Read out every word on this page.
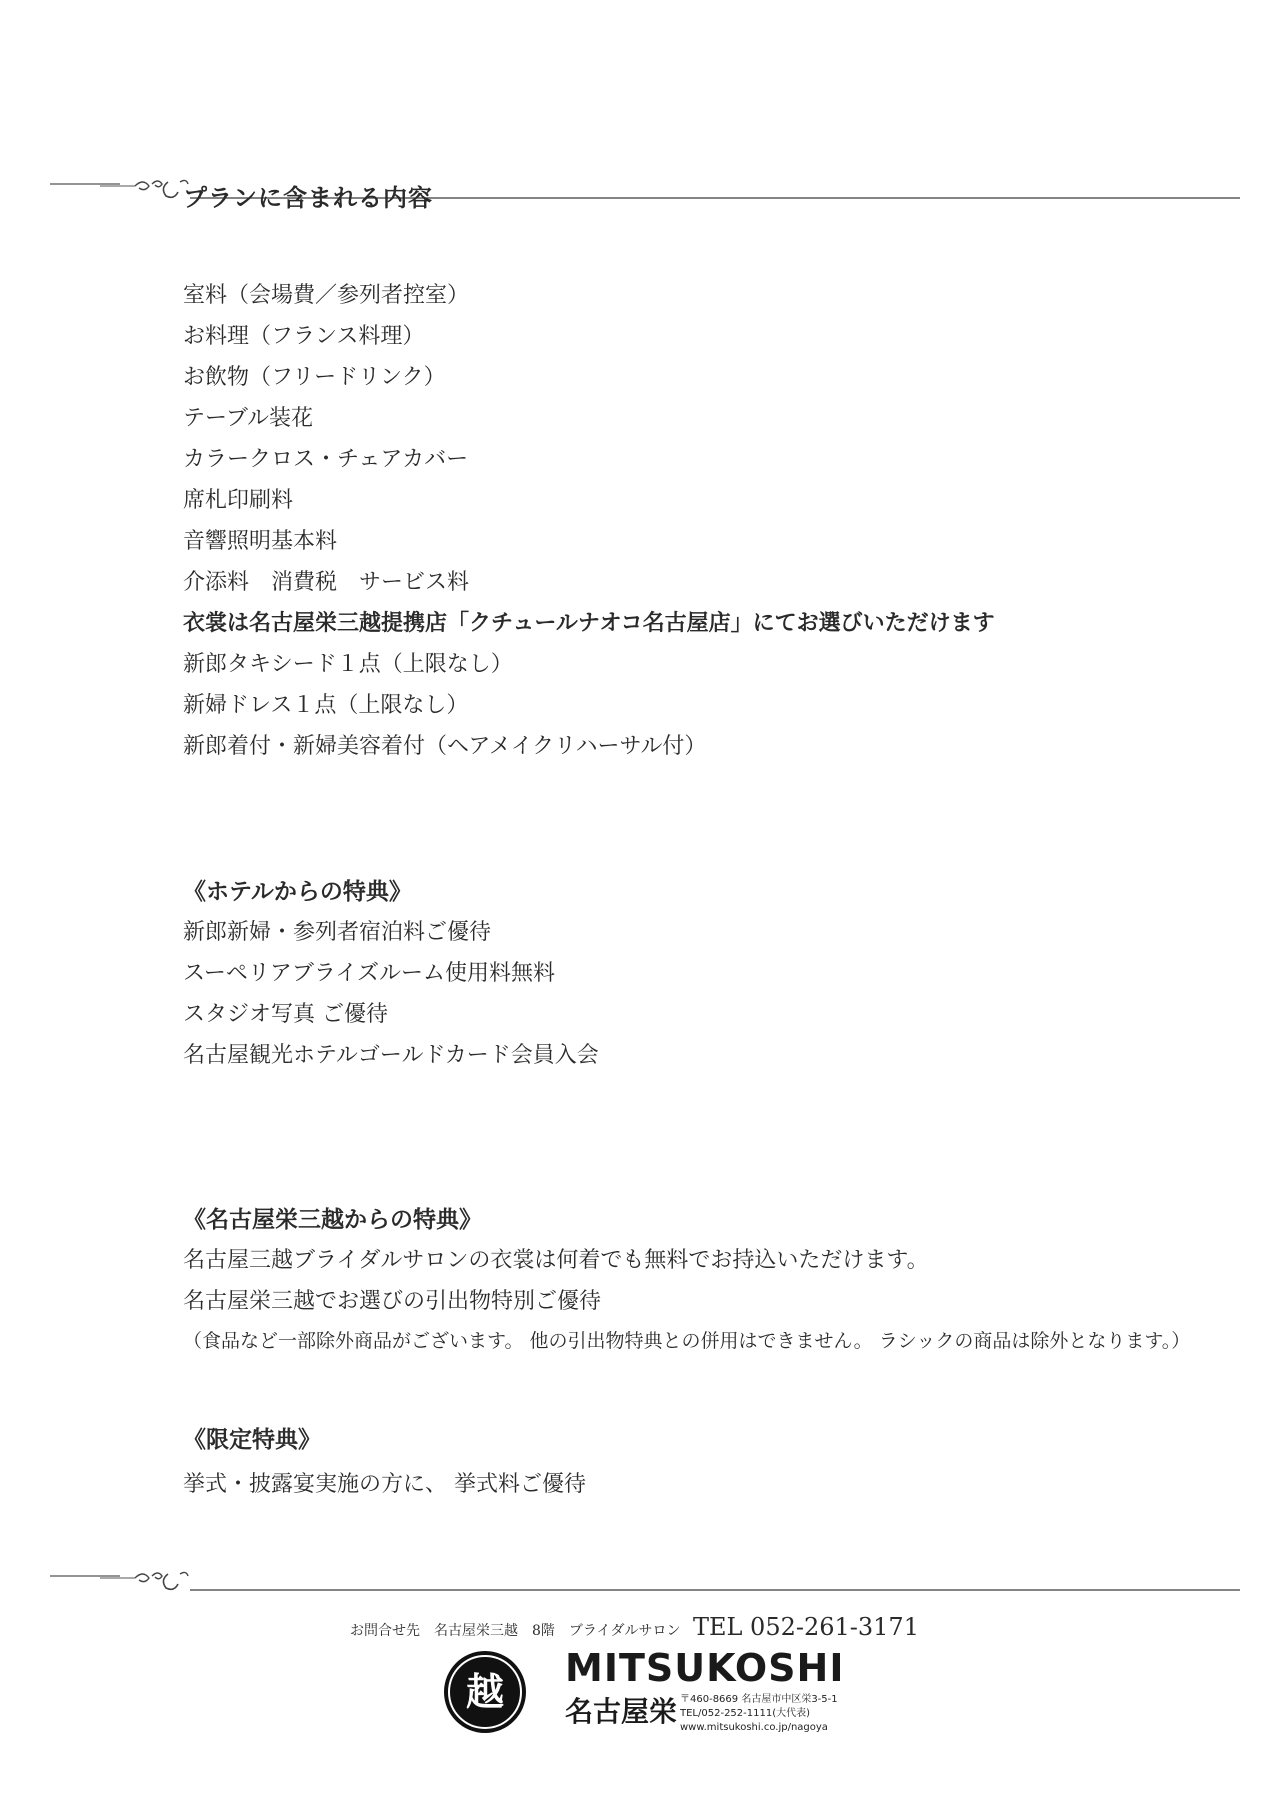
プランに含まれる内容
室料（会場費／参列者控室）
お料理（フランス料理）
お飲物（フリードリンク）
テーブル装花
カラークロス・チェアカバー
席札印刷料
音響照明基本料
介添料　消費税　サービス料
衣裳は名古屋栄三越提携店「クチュールナオコ名古屋店」にてお選びいただけます
新郎タキシード１点（上限なし）
新婦ドレス１点（上限なし）
新郎着付・新婦美容着付（ヘアメイクリハーサル付）
《ホテルからの特典》
新郎新婦・参列者宿泊料ご優待
スーペリアブライズルーム使用料無料
スタジオ写真 ご優待
名古屋観光ホテルゴールドカード会員入会
《名古屋栄三越からの特典》
名古屋三越ブライダルサロンの衣裳は何着でも無料でお持込いただけます。
名古屋栄三越でお選びの引出物特別ご優待
（食品など一部除外商品がございます。 他の引出物特典との併用はできません。 ラシックの商品は除外となります。）
《限定特典》
挙式・披露宴実施の方に、 挙式料ご優待
お問合せ先　名古屋栄三越　8階　ブライダルサロン TEL 052-261-3171
越
MITSUKOSHI
名古屋栄 〒460-8669 名古屋市中区栄3-5-1
TEL/052-252-1111(大代表)
www.mitsukoshi.co.jp/nagoya
